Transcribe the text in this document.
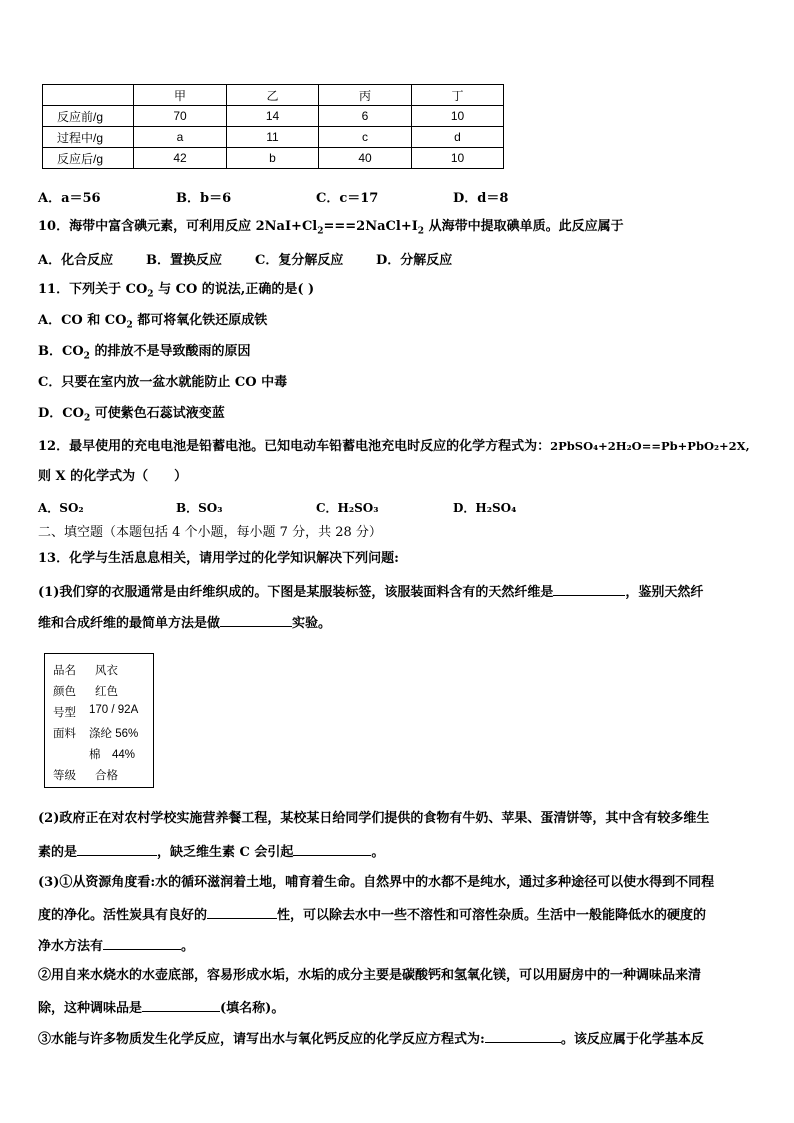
	甲	乙	丙	丁
反应前/g	70	14	6	10
过程中/g	a	11	c	d
反应后/g	42	b	40	10
A．a＝56	B．b＝6	C．c＝17	D．d＝8
10．海带中富含碘元素，可利用反应 $2NaI+Cl_2===2NaCl+I_2$ 从海带中提取碘单质。此反应属于
A．化合反应	B．置换反应	C．复分解反应	D．分解反应
11．下列关于 $CO_2$ 与 CO 的说法,正确的是( )
A．CO 和 $CO_2$ 都可将氧化铁还原成铁
B．$CO_2$ 的排放不是导致酸雨的原因
C．只要在室内放一盆水就能防止 CO 中毒
D．$CO_2$ 可使紫色石蕊试液变蓝
12．最早使用的充电电池是铅蓄电池。已知电动车铅蓄电池充电时反应的化学方程式为：2PbSO₄+2H₂O==Pb+PbO₂+2X,
则 X 的化学式为（　　）
A．SO₂	B．SO₃	C．H₂SO₃	D．H₂SO₄
二、填空题（本题包括 4 个小题，每小题 7 分，共 28 分）
13．化学与生活息息相关，请用学过的化学知识解决下列问题:
(1)我们穿的衣服通常是由纤维织成的。下图是某服装标签，该服装面料含有的天然纤维是	，鉴别天然纤
维和合成纤维的最简单方法是做	实验。
品名 风衣
颜色 红色
号型 170 / 92A
面料 涤纶 56%
棉　44%
等级 合格
(2)政府正在对农村学校实施营养餐工程，某校某日给同学们提供的食物有牛奶、苹果、蛋清饼等，其中含有较多维生
素的是	，缺乏维生素 C 会引起	。
(3)①从资源角度看:水的循环滋润着土地，哺育着生命。自然界中的水都不是纯水，通过多种途径可以使水得到不同程
度的净化。活性炭具有良好的	性，可以除去水中一些不溶性和可溶性杂质。生活中一般能降低水的硬度的
净水方法有	。
②用自来水烧水的水壶底部，容易形成水垢，水垢的成分主要是碳酸钙和氢氧化镁，可以用厨房中的一种调味品来清
除，这种调味品是	(填名称)。
③水能与许多物质发生化学反应，请写出水与氧化钙反应的化学反应方程式为:	。该反应属于化学基本反
